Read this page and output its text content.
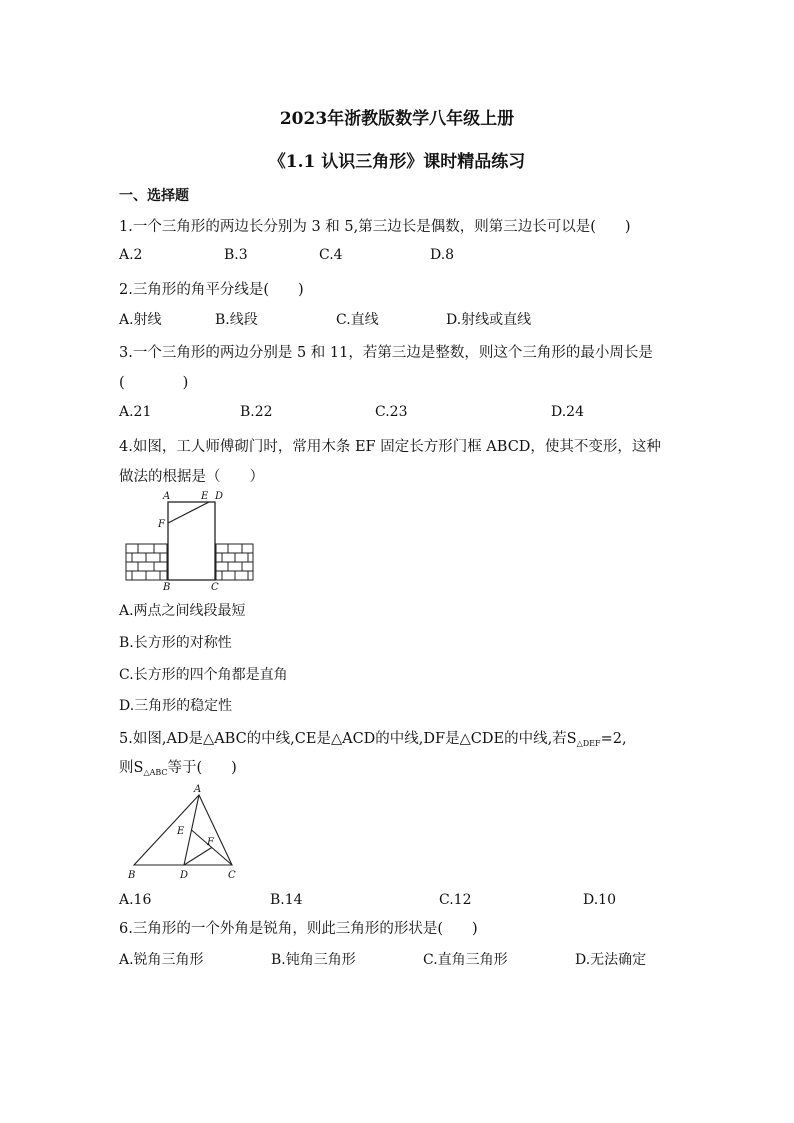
2023年浙教版数学八年级上册
《1.1 认识三角形》课时精品练习
一、选择题
1.一个三角形的两边长分别为 3 和 5,第三边长是偶数，则第三边长可以是(　　)
A.2	B.3	C.4	D.8
2.三角形的角平分线是(　　)
A.射线	B.线段	C.直线	D.射线或直线
3.一个三角形的两边分别是 5 和 11，若第三边是整数，则这个三角形的最小周长是
(　　　　)
A.21	B.22	C.23	D.24
4.如图，工人师傅砌门时，常用木条 EF 固定长方形门框 ABCD，使其不变形，这种
做法的根据是（　　）
A	E D
F
B	C
A.两点之间线段最短
B.长方形的对称性
C.长方形的四个角都是直角
D.三角形的稳定性
5.如图,AD是△ABC的中线,CE是△ACD的中线,DF是△CDE的中线,若$S_{\triangle DEF}=2$,
则$S_{\triangle ABC}$等于(　　)
A
E
F
B	D	C
A.16	B.14	C.12	D.10
6.三角形的一个外角是锐角，则此三角形的形状是(　　)
A.锐角三角形	B.钝角三角形	C.直角三角形	D.无法确定
